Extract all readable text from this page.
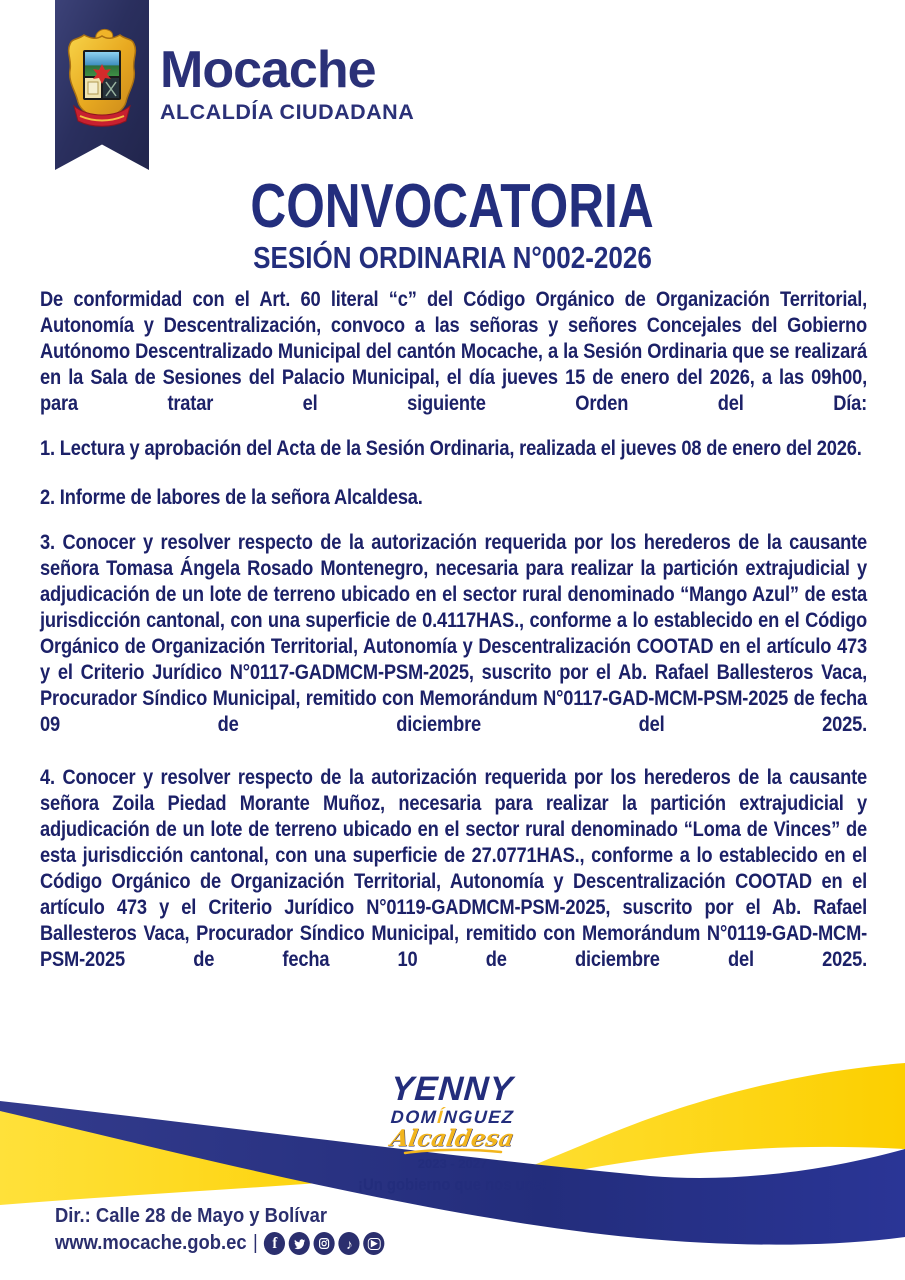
Mocache
ALCALDÍA CIUDADANA
CONVOCATORIA
SESIÓN ORDINARIA N°002-2026

De conformidad con el Art. 60 literal “c” del Código Orgánico de Organización Territorial, Autonomía y Descentralización, convoco a las señoras y señores Concejales del Gobierno Autónomo Descentralizado Municipal del cantón Mocache, a la Sesión Ordinaria que se realizará en la Sala de Sesiones del Palacio Municipal, el día jueves 15 de enero del 2026, a las 09h00, para tratar el siguiente Orden del Día:

1. Lectura y aprobación del Acta de la Sesión Ordinaria, realizada el jueves 08 de enero del 2026.

2. Informe de labores de la señora Alcaldesa.

3. Conocer y resolver respecto de la autorización requerida por los herederos de la causante señora Tomasa Ángela Rosado Montenegro, necesaria para realizar la partición extrajudicial y adjudicación de un lote de terreno ubicado en el sector rural denominado “Mango Azul” de esta jurisdicción cantonal, con una superficie de 0.4117HAS., conforme a lo establecido en el Código Orgánico de Organización Territorial, Autonomía y Descentralización COOTAD en el artículo 473 y el Criterio Jurídico N°0117-GADMCM-PSM-2025, suscrito por el Ab. Rafael Ballesteros Vaca, Procurador Síndico Municipal, remitido con Memorándum N°0117-GAD-MCM-PSM-2025 de fecha 09 de diciembre del 2025.

4. Conocer y resolver respecto de la autorización requerida por los herederos de la causante señora Zoila Piedad Morante Muñoz, necesaria para realizar la partición extrajudicial y adjudicación de un lote de terreno ubicado en el sector rural denominado “Loma de Vinces” de esta jurisdicción cantonal, con una superficie de 27.0771HAS., conforme a lo establecido en el Código Orgánico de Organización Territorial, Autonomía y Descentralización COOTAD en el artículo 473 y el Criterio Jurídico N°0119-GADMCM-PSM-2025, suscrito por el Ab. Rafael Ballesteros Vaca, Procurador Síndico Municipal, remitido con Memorándum N°0119-GAD-MCM-PSM-2025 de fecha 10 de diciembre del 2025.

YENNY
DOMÍNGUEZ
Alcaldesa
2023 - 2027
¡Un gobierno que nos une!
Dir.: Calle 28 de Mayo y Bolívar
www.mocache.gob.ec | f	♪	▶
